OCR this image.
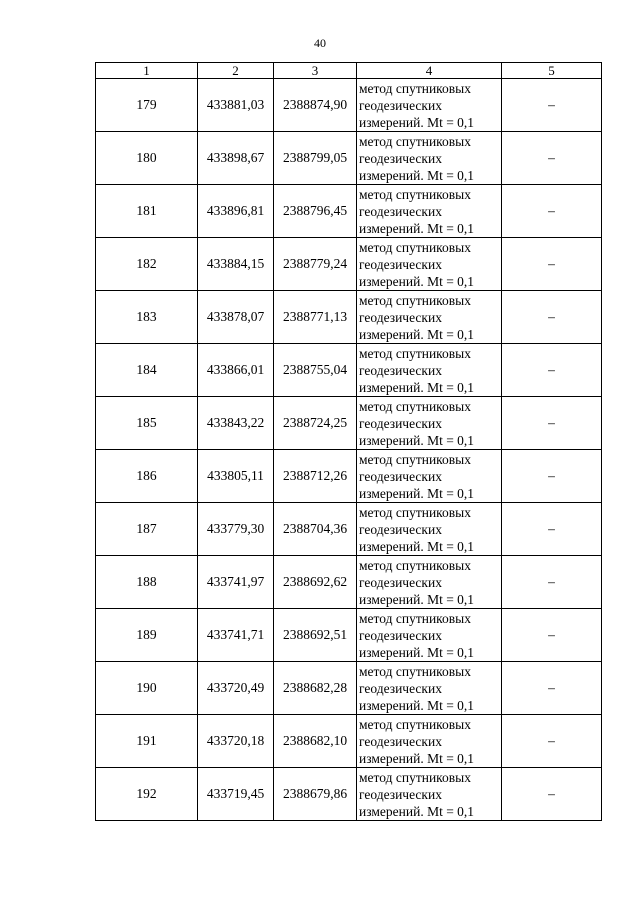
40
1	2	3	4	5
179	433881,03	2388874,90	метод спутниковых
геодезических
измерений. Mt = 0,1	–
180	433898,67	2388799,05	метод спутниковых
геодезических
измерений. Mt = 0,1	–
181	433896,81	2388796,45	метод спутниковых
геодезических
измерений. Mt = 0,1	–
182	433884,15	2388779,24	метод спутниковых
геодезических
измерений. Mt = 0,1	–
183	433878,07	2388771,13	метод спутниковых
геодезических
измерений. Mt = 0,1	–
184	433866,01	2388755,04	метод спутниковых
геодезических
измерений. Mt = 0,1	–
185	433843,22	2388724,25	метод спутниковых
геодезических
измерений. Mt = 0,1	–
186	433805,11	2388712,26	метод спутниковых
геодезических
измерений. Mt = 0,1	–
187	433779,30	2388704,36	метод спутниковых
геодезических
измерений. Mt = 0,1	–
188	433741,97	2388692,62	метод спутниковых
геодезических
измерений. Mt = 0,1	–
189	433741,71	2388692,51	метод спутниковых
геодезических
измерений. Mt = 0,1	–
190	433720,49	2388682,28	метод спутниковых
геодезических
измерений. Mt = 0,1	–
191	433720,18	2388682,10	метод спутниковых
геодезических
измерений. Mt = 0,1	–
192	433719,45	2388679,86	метод спутниковых
геодезических
измерений. Mt = 0,1	–
